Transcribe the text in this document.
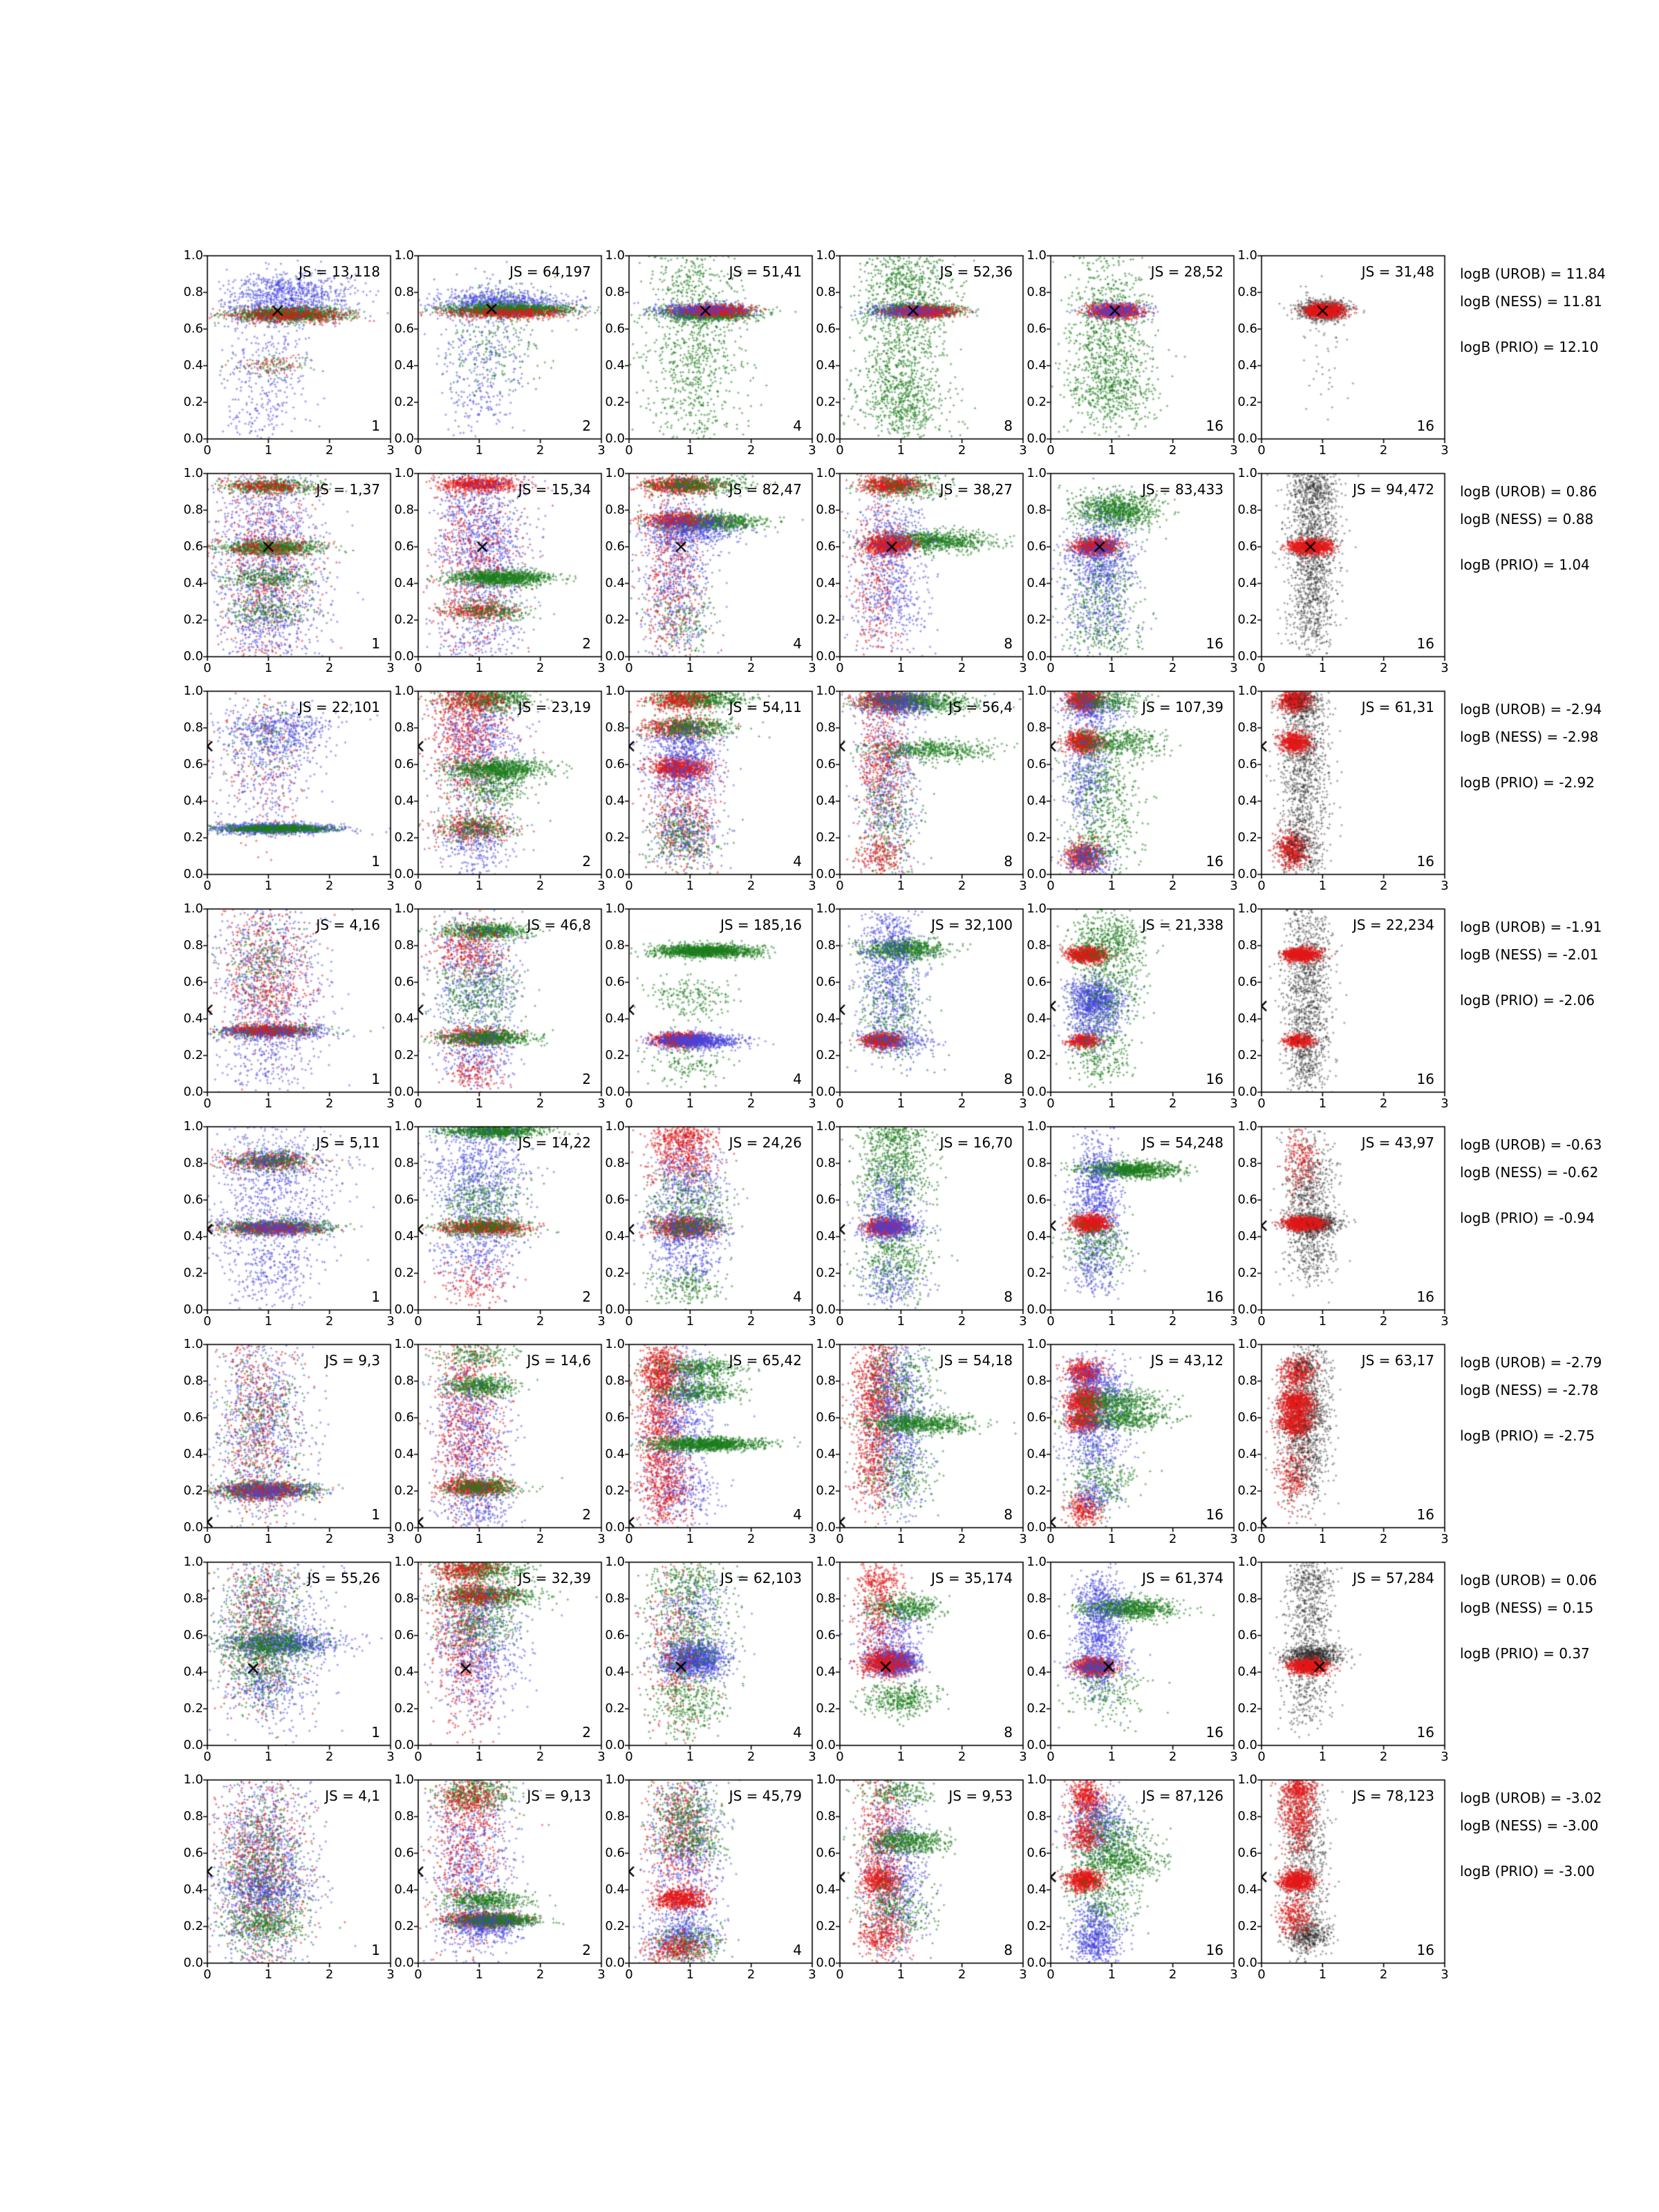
0.0
0.2
0.4
0.6
0.8
1.0
0	1	2	3
JS = 13,118
1
0.0
0.2
0.4
0.6
0.8
1.0
0	1	2	3
JS = 64,197
2
0.0
0.2
0.4
0.6
0.8
1.0
0	1	2	3
JS = 51,41
4
0.0
0.2
0.4
0.6
0.8
1.0
0	1	2	3
JS = 52,36
8
0.0
0.2
0.4
0.6
0.8
1.0
0	1	2	3
JS = 28,52
16
0.0
0.2
0.4
0.6
0.8
1.0
0	1	2	3
JS = 31,48
16
0.0
0.2
0.4
0.6
0.8
1.0
0	1	2	3
JS = 1,37
1
0.0
0.2
0.4
0.6
0.8
1.0
0	1	2	3
JS = 15,34
2
0.0
0.2
0.4
0.6
0.8
1.0
0	1	2	3
JS = 82,47
4
0.0
0.2
0.4
0.6
0.8
1.0
0	1	2	3
JS = 38,27
8
0.0
0.2
0.4
0.6
0.8
1.0
0	1	2	3
JS = 83,433
16
0.0
0.2
0.4
0.6
0.8
1.0
0	1	2	3
JS = 94,472
16
0.0
0.2
0.4
0.6
0.8
1.0
0	1	2	3
JS = 22,101
1
0.0
0.2
0.4
0.6
0.8
1.0
0	1	2	3
JS = 23,19
2
0.0
0.2
0.4
0.6
0.8
1.0
0	1	2	3
JS = 54,11
4
0.0
0.2
0.4
0.6
0.8
1.0
0	1	2	3
JS = 56,4
8
0.0
0.2
0.4
0.6
0.8
1.0
0	1	2	3
JS = 107,39
16
0.0
0.2
0.4
0.6
0.8
1.0
0	1	2	3
JS = 61,31
16
0.0
0.2
0.4
0.6
0.8
1.0
0	1	2	3
JS = 4,16
1
0.0
0.2
0.4
0.6
0.8
1.0
0	1	2	3
JS = 46,8
2
0.0
0.2
0.4
0.6
0.8
1.0
0	1	2	3
JS = 185,16
4
0.0
0.2
0.4
0.6
0.8
1.0
0	1	2	3
JS = 32,100
8
0.0
0.2
0.4
0.6
0.8
1.0
0	1	2	3
JS = 21,338
16
0.0
0.2
0.4
0.6
0.8
1.0
0	1	2	3
JS = 22,234
16
0.0
0.2
0.4
0.6
0.8
1.0
0	1	2	3
JS = 5,11
1
0.0
0.2
0.4
0.6
0.8
1.0
0	1	2	3
JS = 14,22
2
0.0
0.2
0.4
0.6
0.8
1.0
0	1	2	3
JS = 24,26
4
0.0
0.2
0.4
0.6
0.8
1.0
0	1	2	3
JS = 16,70
8
0.0
0.2
0.4
0.6
0.8
1.0
0	1	2	3
JS = 54,248
16
0.0
0.2
0.4
0.6
0.8
1.0
0	1	2	3
JS = 43,97
16
0.0
0.2
0.4
0.6
0.8
1.0
0	1	2	3
JS = 9,3
1
0.0
0.2
0.4
0.6
0.8
1.0
0	1	2	3
JS = 14,6
2
0.0
0.2
0.4
0.6
0.8
1.0
0	1	2	3
JS = 65,42
4
0.0
0.2
0.4
0.6
0.8
1.0
0	1	2	3
JS = 54,18
8
0.0
0.2
0.4
0.6
0.8
1.0
0	1	2	3
JS = 43,12
16
0.0
0.2
0.4
0.6
0.8
1.0
0	1	2	3
JS = 63,17
16
0.0
0.2
0.4
0.6
0.8
1.0
0	1	2	3
JS = 55,26
1
0.0
0.2
0.4
0.6
0.8
1.0
0	1	2	3
JS = 32,39
2
0.0
0.2
0.4
0.6
0.8
1.0
0	1	2	3
JS = 62,103
4
0.0
0.2
0.4
0.6
0.8
1.0
0	1	2	3
JS = 35,174
8
0.0
0.2
0.4
0.6
0.8
1.0
0	1	2	3
JS = 61,374
16
0.0
0.2
0.4
0.6
0.8
1.0
0	1	2	3
JS = 57,284
16
0.0
0.2
0.4
0.6
0.8
1.0
0	1	2	3
JS = 4,1
1
0.0
0.2
0.4
0.6
0.8
1.0
0	1	2	3
JS = 9,13
2
0.0
0.2
0.4
0.6
0.8
1.0
0	1	2	3
JS = 45,79
4
0.0
0.2
0.4
0.6
0.8
1.0
0	1	2	3
JS = 9,53
8
0.0
0.2
0.4
0.6
0.8
1.0
0	1	2	3
JS = 87,126
16
0.0
0.2
0.4
0.6
0.8
1.0
0	1	2	3
JS = 78,123
16
logB (UROB) = 11.84
logB (NESS) = 11.81
logB (PRIO) = 12.10
logB (UROB) = 0.86
logB (NESS) = 0.88
logB (PRIO) = 1.04
logB (UROB) = -2.94
logB (NESS) = -2.98
logB (PRIO) = -2.92
logB (UROB) = -1.91
logB (NESS) = -2.01
logB (PRIO) = -2.06
logB (UROB) = -0.63
logB (NESS) = -0.62
logB (PRIO) = -0.94
logB (UROB) = -2.79
logB (NESS) = -2.78
logB (PRIO) = -2.75
logB (UROB) = 0.06
logB (NESS) = 0.15
logB (PRIO) = 0.37
logB (UROB) = -3.02
logB (NESS) = -3.00
logB (PRIO) = -3.00
